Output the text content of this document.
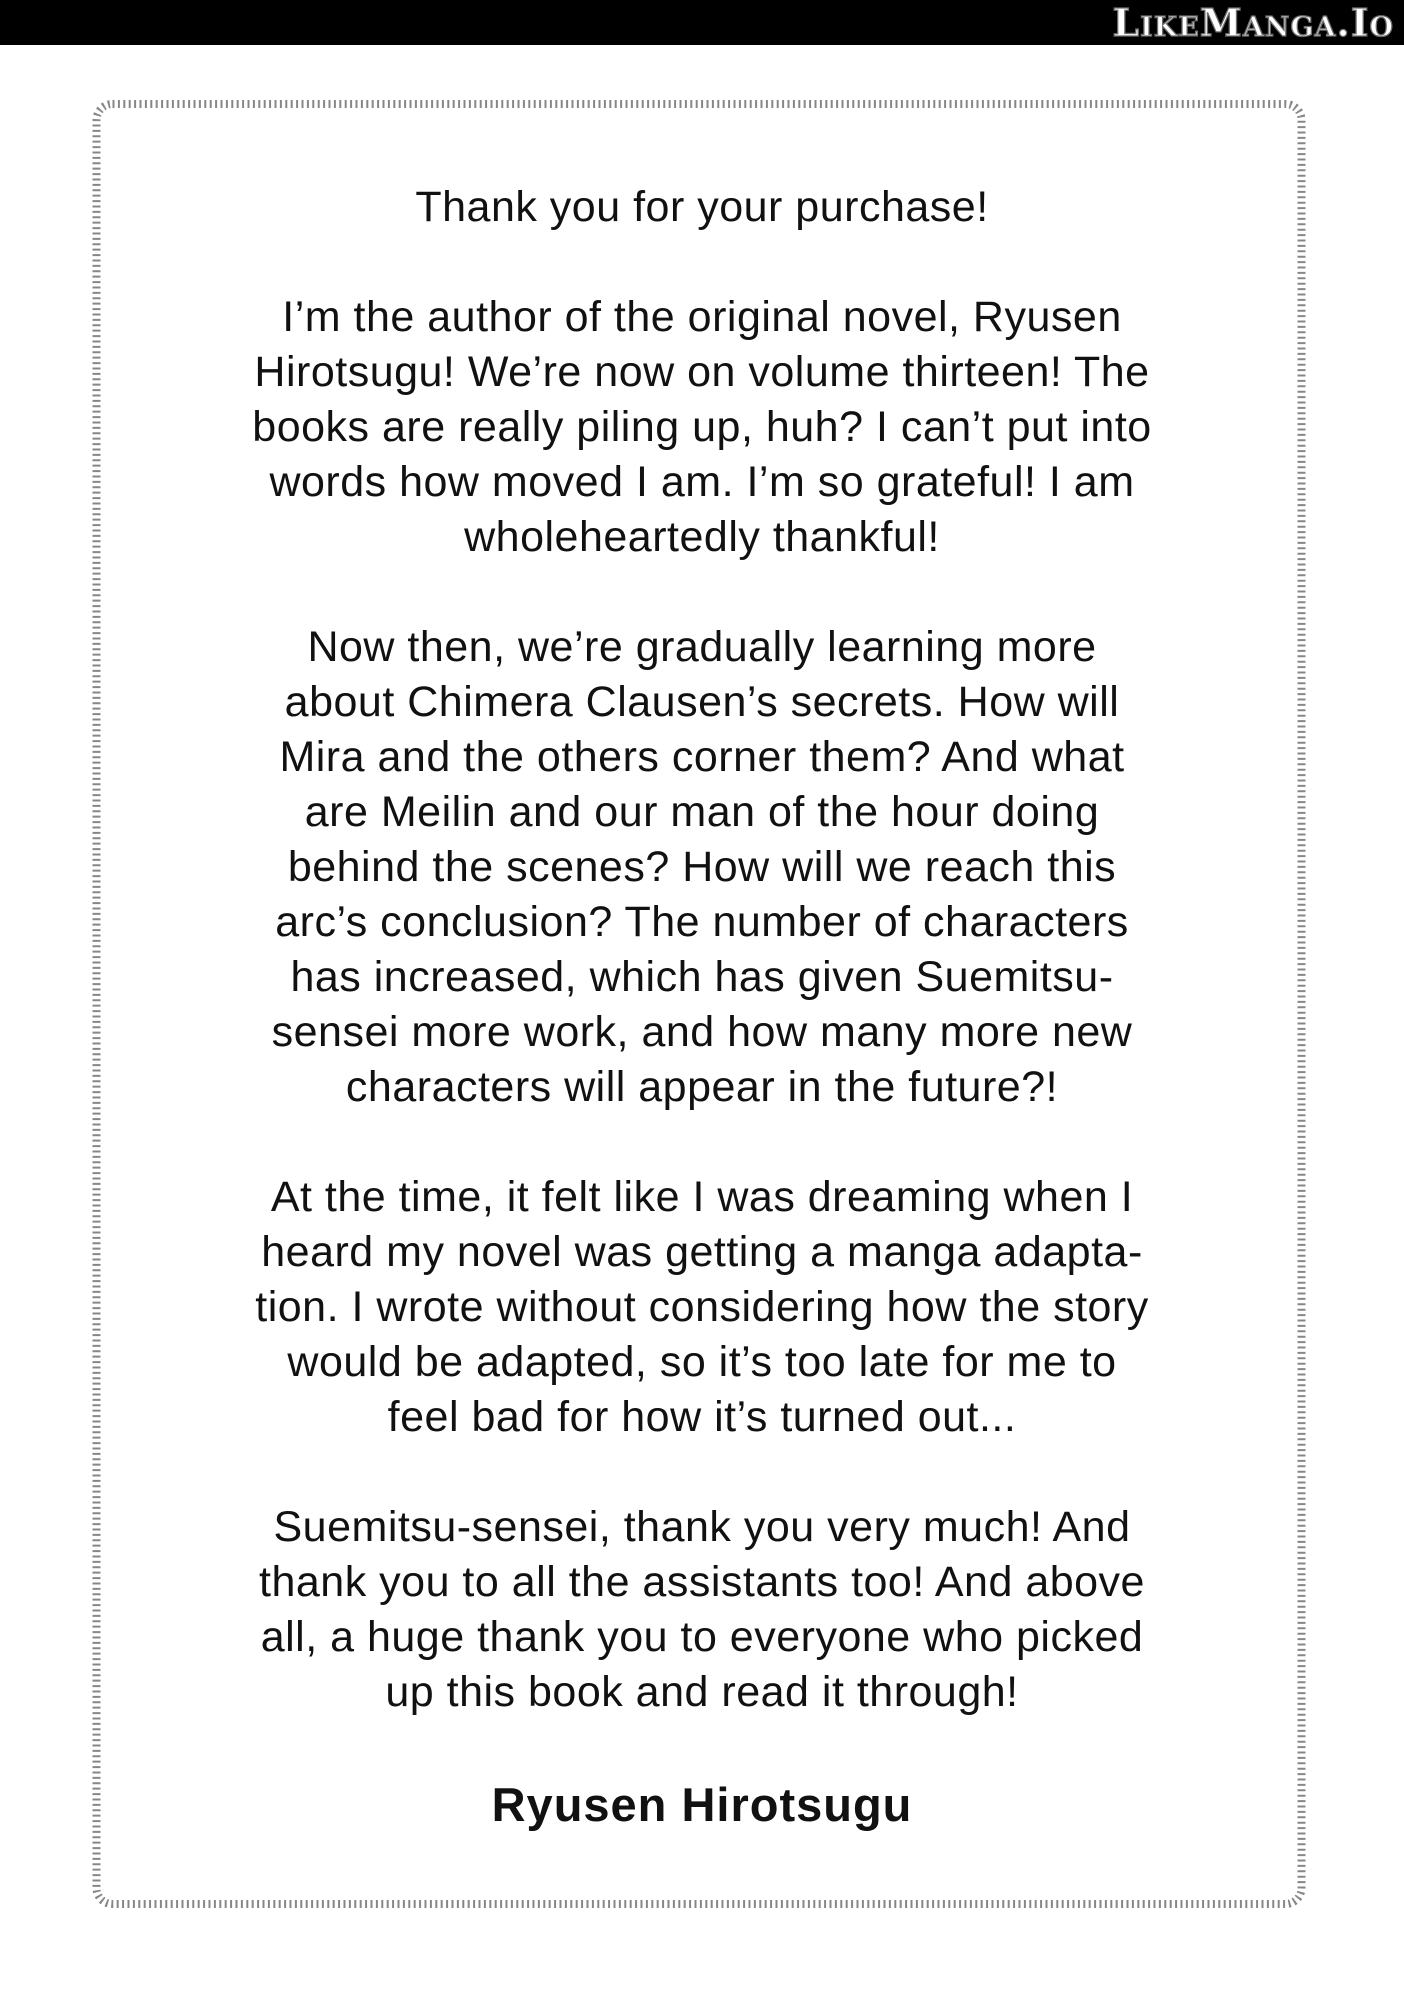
LikeManga.Io
Thank you for your purchase!
I’m the author of the original novel, Ryusen
Hirotsugu! We’re now on volume thirteen! The
books are really piling up, huh? I can’t put into
words how moved I am. I’m so grateful! I am
wholeheartedly thankful!
Now then, we’re gradually learning more
about Chimera Clausen’s secrets. How will
Mira and the others corner them? And what
are Meilin and our man of the hour doing
behind the scenes? How will we reach this
arc’s conclusion? The number of characters
has increased, which has given Suemitsu-
sensei more work, and how many more new
characters will appear in the future?!
At the time, it felt like I was dreaming when I
heard my novel was getting a manga adapta-
tion. I wrote without considering how the story
would be adapted, so it’s too late for me to
feel bad for how it’s turned out...
Suemitsu-sensei, thank you very much! And
thank you to all the assistants too! And above
all, a huge thank you to everyone who picked
up this book and read it through!
Ryusen Hirotsugu
